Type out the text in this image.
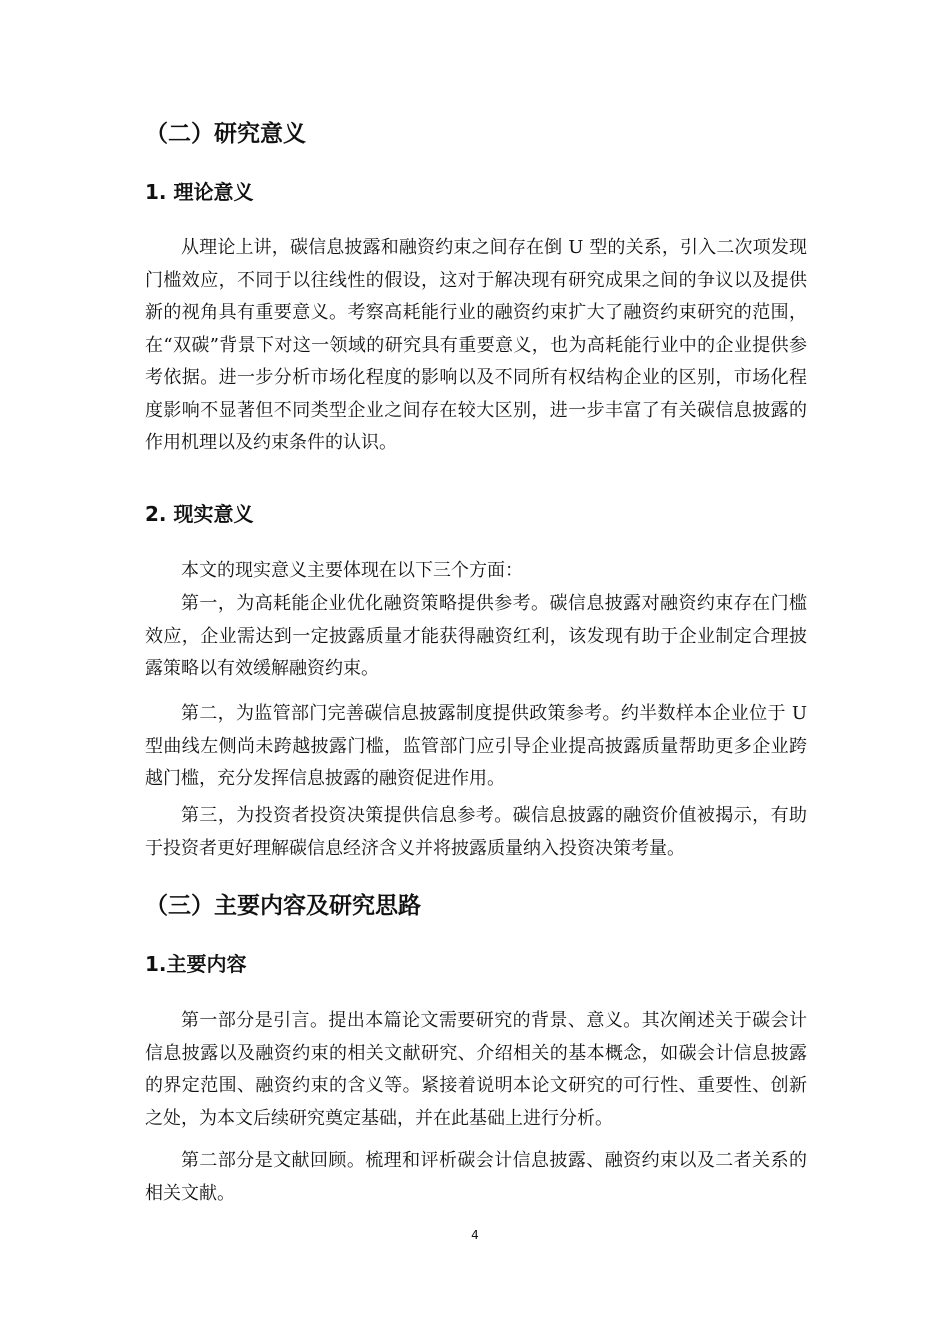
（二）研究意义
1. 理论意义

从理论上讲，碳信息披露和融资约束之间存在倒 U 型的关系，引入二次项发现门槛效应，不同于以往线性的假设，这对于解决现有研究成果之间的争议以及提供新的视角具有重要意义。考察高耗能行业的融资约束扩大了融资约束研究的范围，在“双碳”背景下对这一领域的研究具有重要意义，也为高耗能行业中的企业提供参考依据。进一步分析市场化程度的影响以及不同所有权结构企业的区别，市场化程度影响不显著但不同类型企业之间存在较大区别，进一步丰富了有关碳信息披露的作用机理以及约束条件的认识。

2. 现实意义

本文的现实意义主要体现在以下三个方面：

第一，为高耗能企业优化融资策略提供参考。碳信息披露对融资约束存在门槛效应，企业需达到一定披露质量才能获得融资红利，该发现有助于企业制定合理披露策略以有效缓解融资约束。

第二，为监管部门完善碳信息披露制度提供政策参考。约半数样本企业位于 U 型曲线左侧尚未跨越披露门槛，监管部门应引导企业提高披露质量帮助更多企业跨越门槛，充分发挥信息披露的融资促进作用。

第三，为投资者投资决策提供信息参考。碳信息披露的融资价值被揭示，有助于投资者更好理解碳信息经济含义并将披露质量纳入投资决策考量。

（三）主要内容及研究思路
1.主要内容

第一部分是引言。提出本篇论文需要研究的背景、意义。其次阐述关于碳会计信息披露以及融资约束的相关文献研究、介绍相关的基本概念，如碳会计信息披露的界定范围、融资约束的含义等。紧接着说明本论文研究的可行性、重要性、创新之处，为本文后续研究奠定基础，并在此基础上进行分析。

第二部分是文献回顾。梳理和评析碳会计信息披露、融资约束以及二者关系的相关文献。

4
